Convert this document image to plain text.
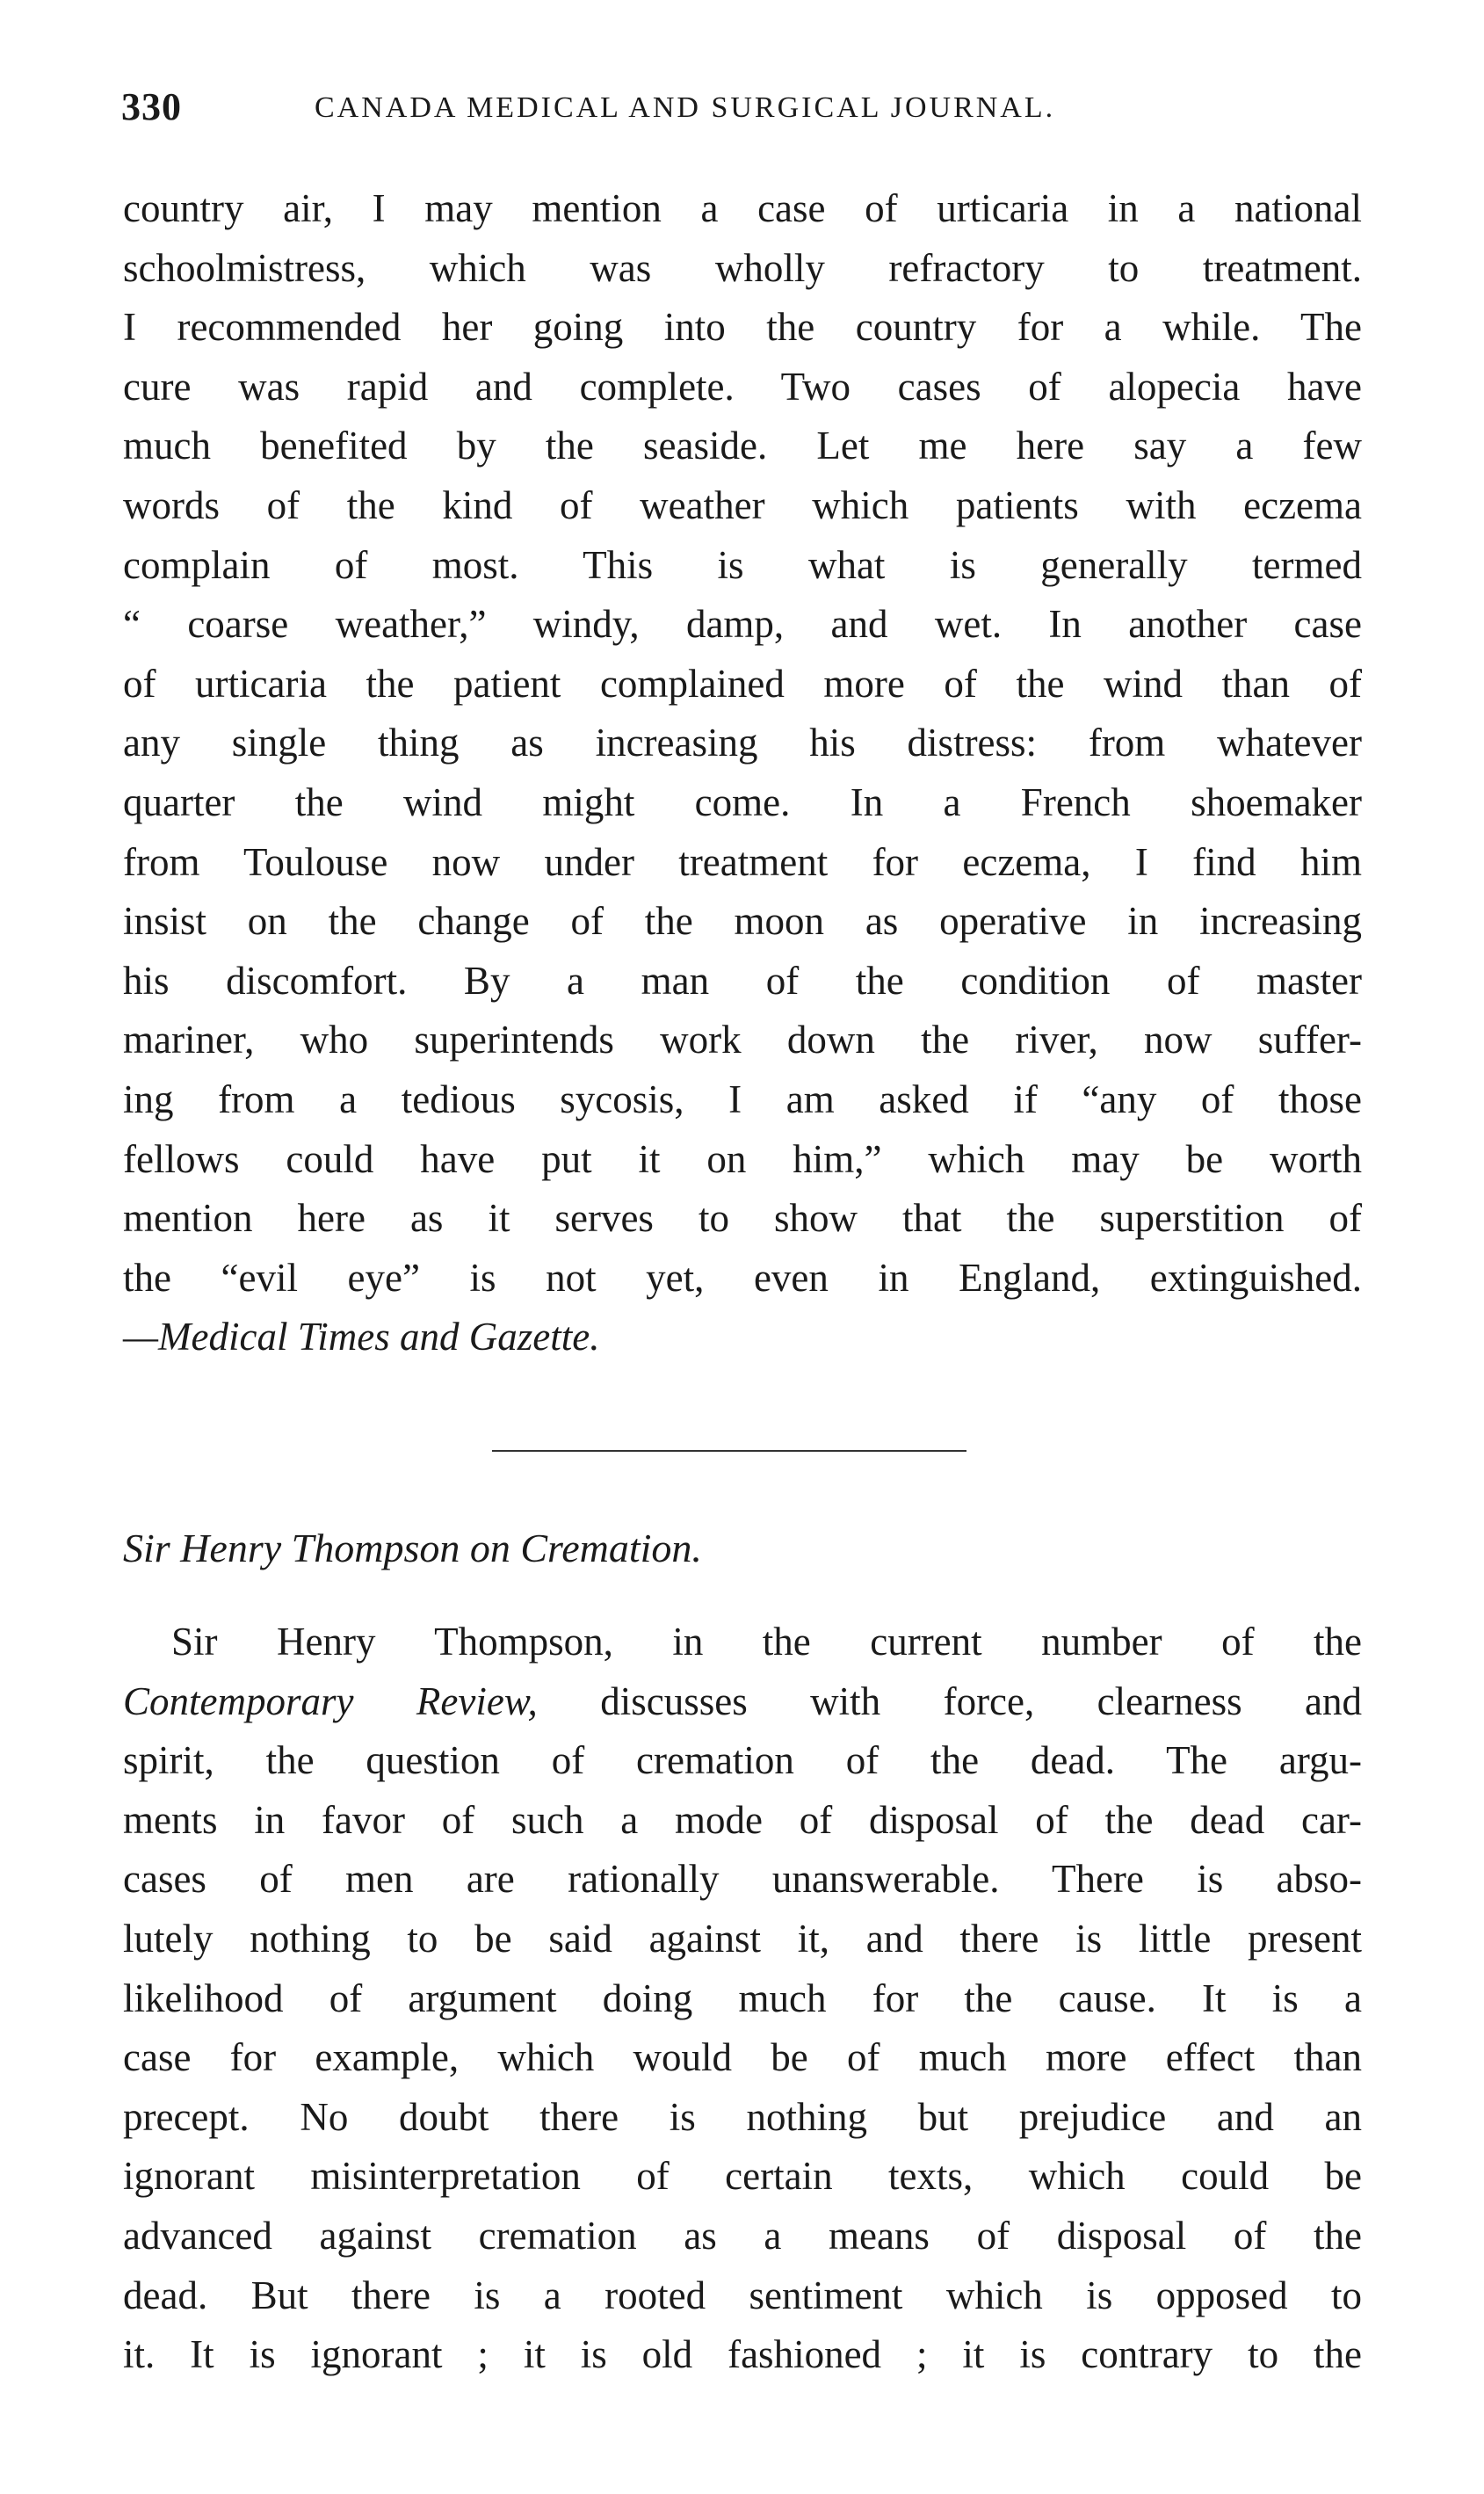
330	CANADA MEDICAL AND SURGICAL JOURNAL.
country air, I may mention a case of urticaria in a national
schoolmistress, which was wholly refractory to treatment.
I recommended her going into the country for a while. The
cure was rapid and complete. Two cases of alopecia have
much benefited by the seaside. Let me here say a few
words of the kind of weather which patients with eczema
complain of most. This is what is generally termed
“ coarse weather,” windy, damp, and wet. In another case
of urticaria the patient complained more of the wind than of
any single thing as increasing his distress: from whatever
quarter the wind might come. In a French shoemaker
from Toulouse now under treatment for eczema, I find him
insist on the change of the moon as operative in increasing
his discomfort. By a man of the condition of master
mariner, who superintends work down the river, now suffer-
ing from a tedious sycosis, I am asked if “any of those
fellows could have put it on him,” which may be worth
mention here as it serves to show that the superstition of
the “evil eye” is not yet, even in England, extinguished.
—Medical Times and Gazette.
Sir Henry Thompson on Cremation.
Sir Henry Thompson, in the current number of the
Contemporary Review, discusses with force, clearness and
spirit, the question of cremation of the dead. The argu-
ments in favor of such a mode of disposal of the dead car-
cases of men are rationally unanswerable. There is abso-
lutely nothing to be said against it, and there is little present
likelihood of argument doing much for the cause. It is a
case for example, which would be of much more effect than
precept. No doubt there is nothing but prejudice and an
ignorant misinterpretation of certain texts, which could be
advanced against cremation as a means of disposal of the
dead. But there is a rooted sentiment which is opposed to
it. It is ignorant ; it is old fashioned ; it is contrary to the
